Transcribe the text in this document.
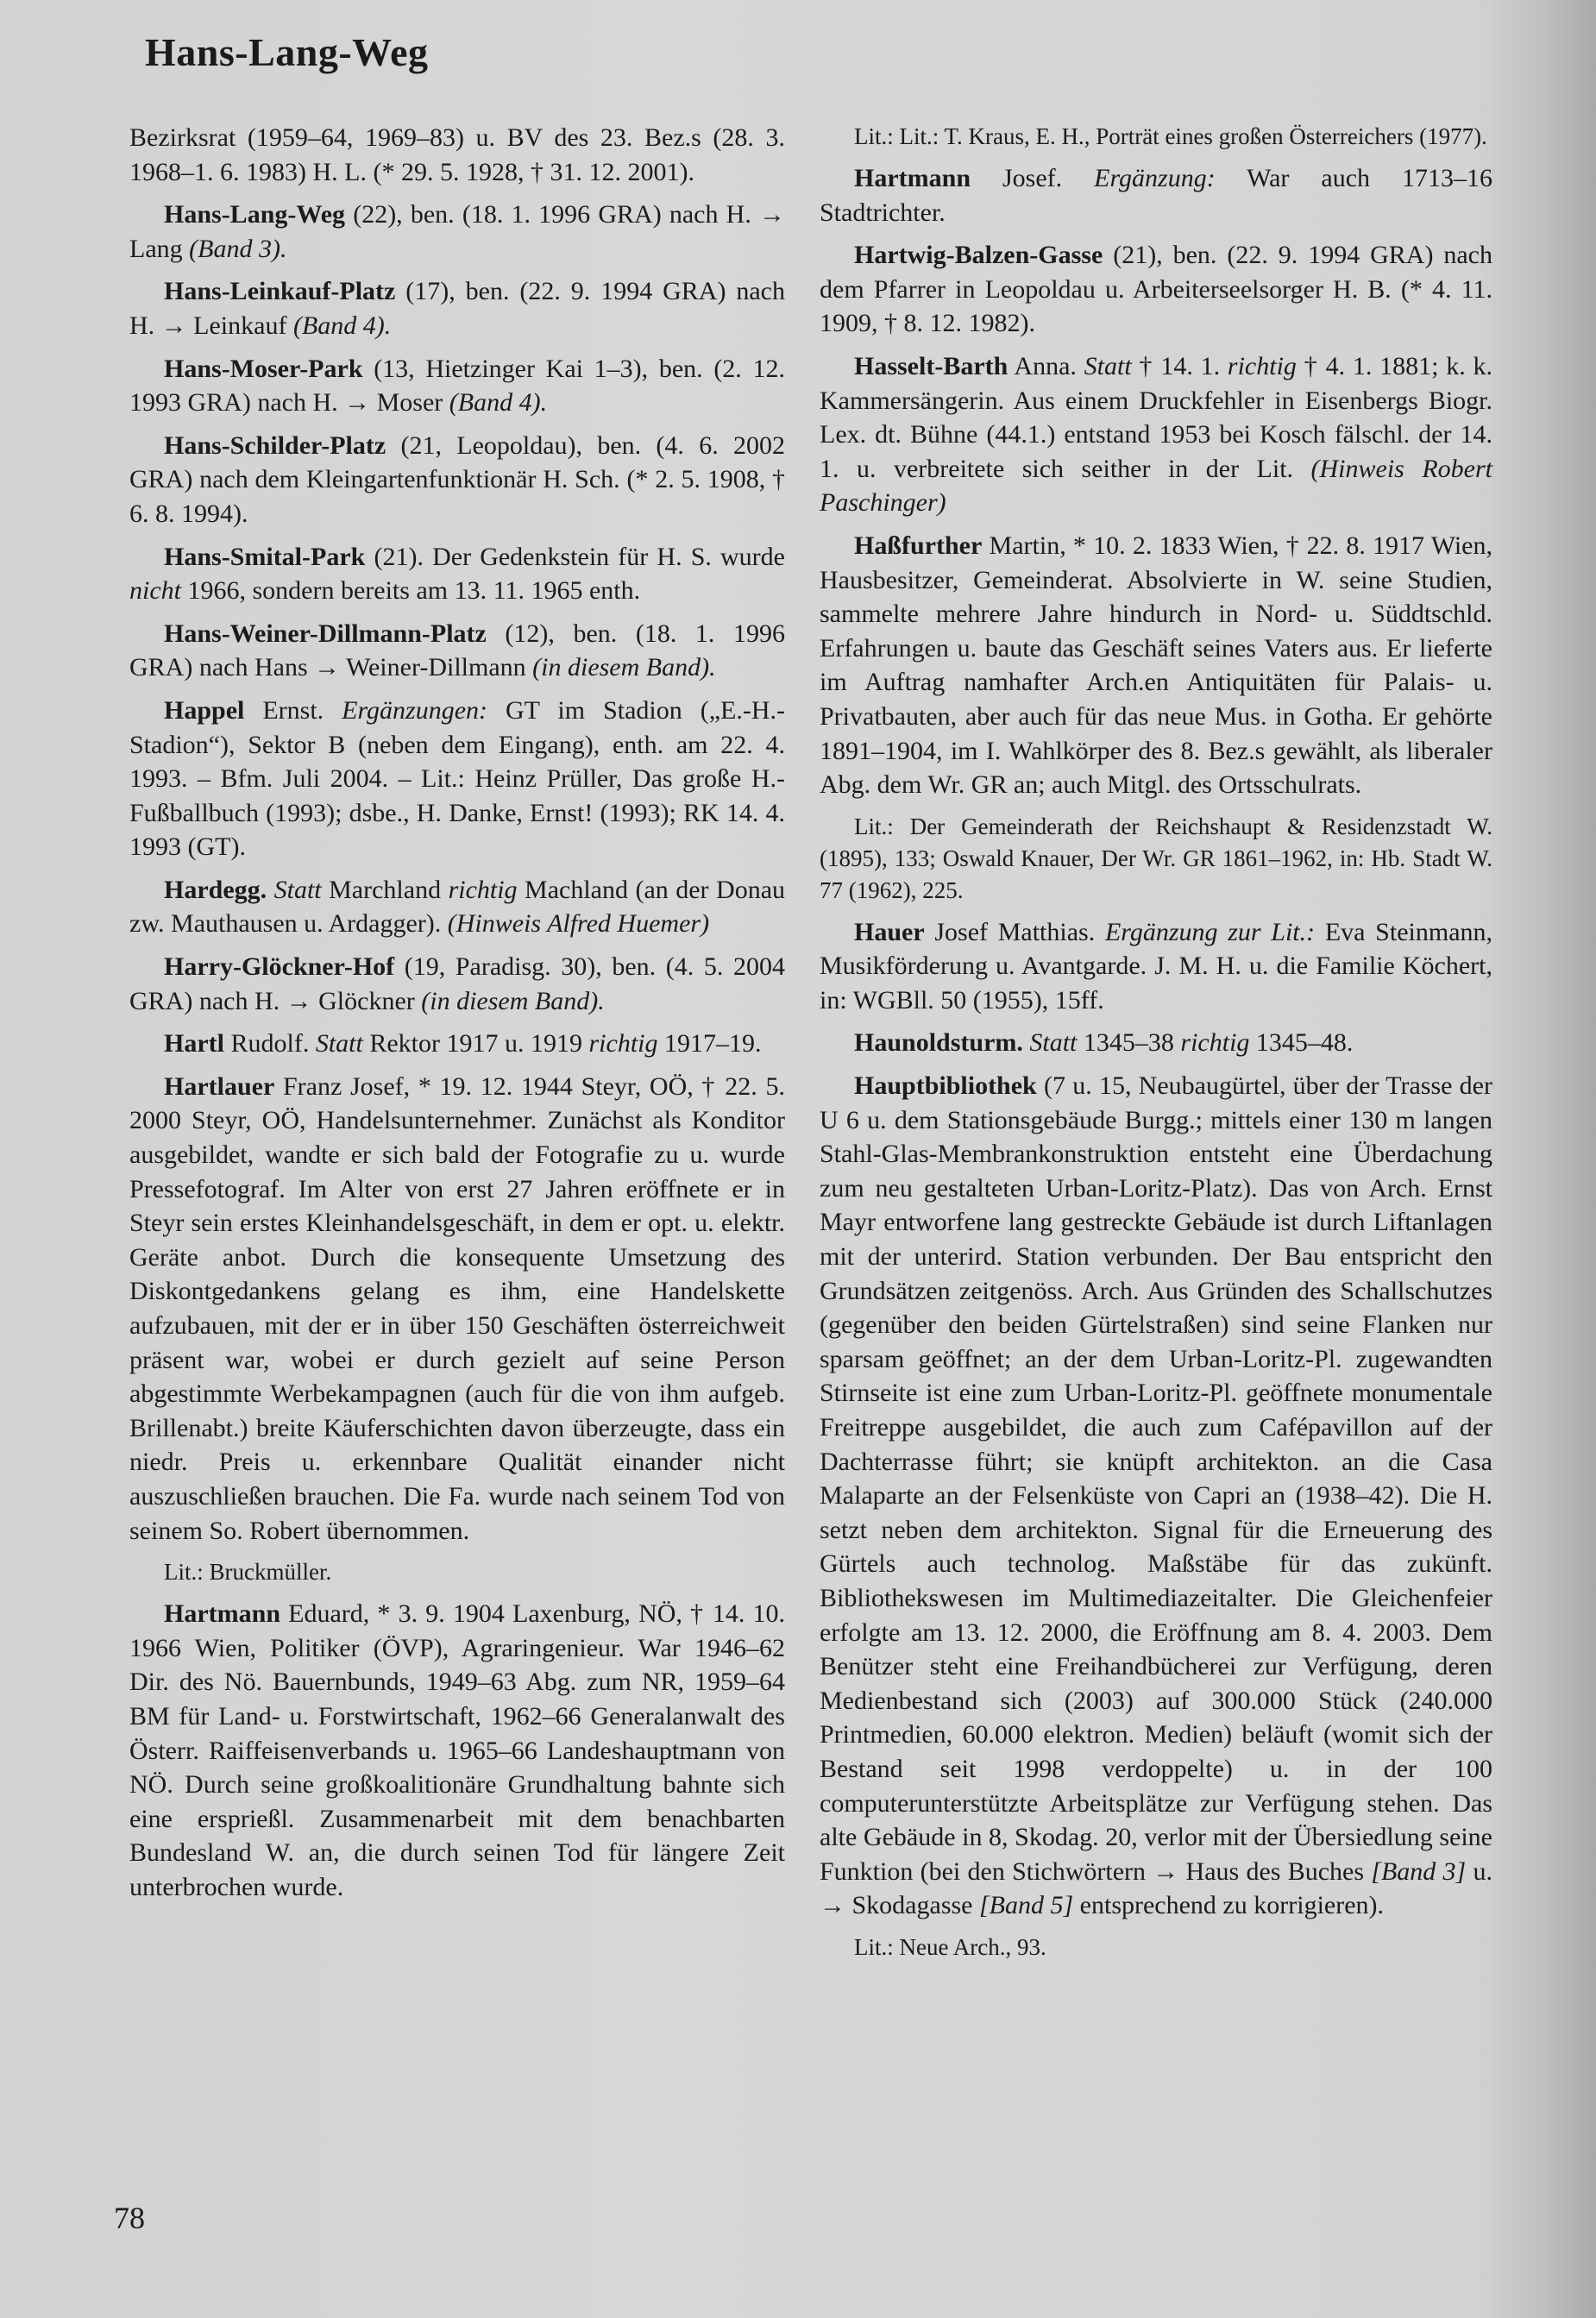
Hans-Lang-Weg

Bezirksrat (1959–64, 1969–83) u. BV des 23. Bez.s (28. 3. 1968–1. 6. 1983) H. L. (* 29. 5. 1928, † 31. 12. 2001).

Hans-Lang-Weg (22), ben. (18. 1. 1996 GRA) nach H. → Lang (Band 3).

Hans-Leinkauf-Platz (17), ben. (22. 9. 1994 GRA) nach H. → Leinkauf (Band 4).

Hans-Moser-Park (13, Hietzinger Kai 1–3), ben. (2. 12. 1993 GRA) nach H. → Moser (Band 4).

Hans-Schilder-Platz (21, Leopoldau), ben. (4. 6. 2002 GRA) nach dem Kleingartenfunktionär H. Sch. (* 2. 5. 1908, † 6. 8. 1994).

Hans-Smital-Park (21). Der Gedenkstein für H. S. wurde nicht 1966, sondern bereits am 13. 11. 1965 enth.

Hans-Weiner-Dillmann-Platz (12), ben. (18. 1. 1996 GRA) nach Hans → Weiner-Dillmann (in diesem Band).

Happel Ernst. Ergänzungen: GT im Stadion („E.-H.-Stadion“), Sektor B (neben dem Eingang), enth. am 22. 4. 1993. – Bfm. Juli 2004. – Lit.: Heinz Prüller, Das große H.-Fußballbuch (1993); dsbe., H. Danke, Ernst! (1993); RK 14. 4. 1993 (GT).

Hardegg. Statt Marchland richtig Machland (an der Donau zw. Mauthausen u. Ardagger). (Hinweis Alfred Huemer)

Harry-Glöckner-Hof (19, Paradisg. 30), ben. (4. 5. 2004 GRA) nach H. → Glöckner (in diesem Band).

Hartl Rudolf. Statt Rektor 1917 u. 1919 richtig 1917–19.

Hartlauer Franz Josef, * 19. 12. 1944 Steyr, OÖ, † 22. 5. 2000 Steyr, OÖ, Handelsunternehmer. Zunächst als Konditor ausgebildet, wandte er sich bald der Fotografie zu u. wurde Pressefotograf. Im Alter von erst 27 Jahren eröffnete er in Steyr sein erstes Kleinhandelsgeschäft, in dem er opt. u. elektr. Geräte anbot. Durch die konsequente Umsetzung des Diskontgedankens gelang es ihm, eine Handelskette aufzubauen, mit der er in über 150 Geschäften österreichweit präsent war, wobei er durch gezielt auf seine Person abgestimmte Werbekampagnen (auch für die von ihm aufgeb. Brillenabt.) breite Käuferschichten davon überzeugte, dass ein niedr. Preis u. erkennbare Qualität einander nicht auszuschließen brauchen. Die Fa. wurde nach seinem Tod von seinem So. Robert übernommen.

Lit.: Bruckmüller.

Hartmann Eduard, * 3. 9. 1904 Laxenburg, NÖ, † 14. 10. 1966 Wien, Politiker (ÖVP), Agraringenieur. War 1946–62 Dir. des Nö. Bauernbunds, 1949–63 Abg. zum NR, 1959–64 BM für Land- u. Forstwirtschaft, 1962–66 Generalanwalt des Österr. Raiffeisenverbands u. 1965–66 Landeshauptmann von NÖ. Durch seine großkoalitionäre Grundhaltung bahnte sich eine ersprießl. Zusammenarbeit mit dem benachbarten Bundesland W. an, die durch seinen Tod für längere Zeit unterbrochen wurde.

Lit.: Lit.: T. Kraus, E. H., Porträt eines großen Österreichers (1977).

Hartmann Josef. Ergänzung: War auch 1713–16 Stadtrichter.

Hartwig-Balzen-Gasse (21), ben. (22. 9. 1994 GRA) nach dem Pfarrer in Leopoldau u. Arbeiterseelsorger H. B. (* 4. 11. 1909, † 8. 12. 1982).

Hasselt-Barth Anna. Statt † 14. 1. richtig † 4. 1. 1881; k. k. Kammersängerin. Aus einem Druckfehler in Eisenbergs Biogr. Lex. dt. Bühne (44.1.) entstand 1953 bei Kosch fälschl. der 14. 1. u. verbreitete sich seither in der Lit. (Hinweis Robert Paschinger)

Haßfurther Martin, * 10. 2. 1833 Wien, † 22. 8. 1917 Wien, Hausbesitzer, Gemeinderat. Absolvierte in W. seine Studien, sammelte mehrere Jahre hindurch in Nord- u. Süddtschld. Erfahrungen u. baute das Geschäft seines Vaters aus. Er lieferte im Auftrag namhafter Arch.en Antiquitäten für Palais- u. Privatbauten, aber auch für das neue Mus. in Gotha. Er gehörte 1891–1904, im I. Wahlkörper des 8. Bez.s gewählt, als liberaler Abg. dem Wr. GR an; auch Mitgl. des Ortsschulrats.

Lit.: Der Gemeinderath der Reichshaupt & Residenzstadt W. (1895), 133; Oswald Knauer, Der Wr. GR 1861–1962, in: Hb. Stadt W. 77 (1962), 225.

Hauer Josef Matthias. Ergänzung zur Lit.: Eva Steinmann, Musikförderung u. Avantgarde. J. M. H. u. die Familie Köchert, in: WGBll. 50 (1955), 15ff.

Haunoldsturm. Statt 1345–38 richtig 1345–48.

Hauptbibliothek (7 u. 15, Neubaugürtel, über der Trasse der U 6 u. dem Stationsgebäude Burgg.; mittels einer 130 m langen Stahl-Glas-Membrankonstruktion entsteht eine Überdachung zum neu gestalteten Urban-Loritz-Platz). Das von Arch. Ernst Mayr entworfene lang gestreckte Gebäude ist durch Liftanlagen mit der unterird. Station verbunden. Der Bau entspricht den Grundsätzen zeitgenöss. Arch. Aus Gründen des Schallschutzes (gegenüber den beiden Gürtelstraßen) sind seine Flanken nur sparsam geöffnet; an der dem Urban-Loritz-Pl. zugewandten Stirnseite ist eine zum Urban-Loritz-Pl. geöffnete monumentale Freitreppe ausgebildet, die auch zum Cafépavillon auf der Dachterrasse führt; sie knüpft architekton. an die Casa Malaparte an der Felsenküste von Capri an (1938–42). Die H. setzt neben dem architekton. Signal für die Erneuerung des Gürtels auch technolog. Maßstäbe für das zukünft. Bibliothekswesen im Multimediazeitalter. Die Gleichenfeier erfolgte am 13. 12. 2000, die Eröffnung am 8. 4. 2003. Dem Benützer steht eine Freihandbücherei zur Verfügung, deren Medienbestand sich (2003) auf 300.000 Stück (240.000 Printmedien, 60.000 elektron. Medien) beläuft (womit sich der Bestand seit 1998 verdoppelte) u. in der 100 computerunterstützte Arbeitsplätze zur Verfügung stehen. Das alte Gebäude in 8, Skodag. 20, verlor mit der Übersiedlung seine Funktion (bei den Stichwörtern → Haus des Buches [Band 3] u. → Skodagasse [Band 5] entsprechend zu korrigieren).

Lit.: Neue Arch., 93.

78
